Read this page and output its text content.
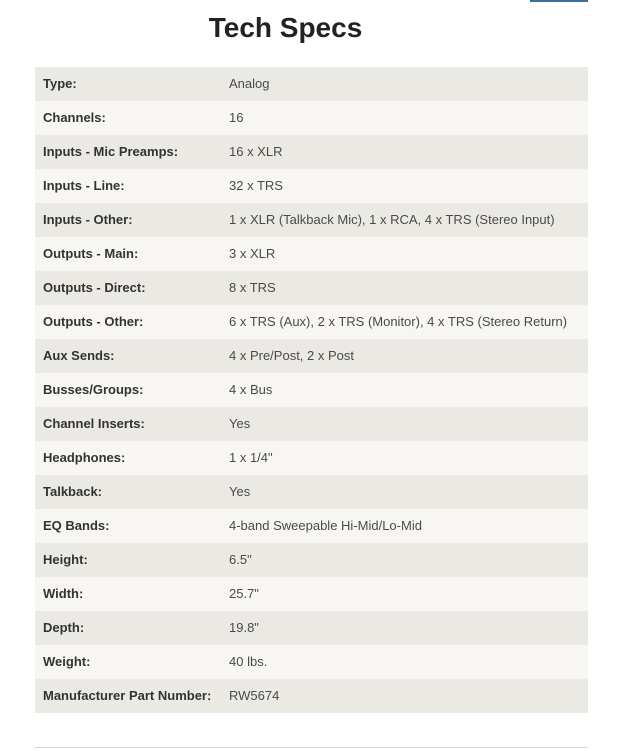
Tech Specs
Type:	Analog
Channels:	16
Inputs - Mic Preamps:	16 x XLR
Inputs - Line:	32 x TRS
Inputs - Other:	1 x XLR (Talkback Mic), 1 x RCA, 4 x TRS (Stereo Input)
Outputs - Main:	3 x XLR
Outputs - Direct:	8 x TRS
Outputs - Other:	6 x TRS (Aux), 2 x TRS (Monitor), 4 x TRS (Stereo Return)
Aux Sends:	4 x Pre/Post, 2 x Post
Busses/Groups:	4 x Bus
Channel Inserts:	Yes
Headphones:	1 x 1/4"
Talkback:	Yes
EQ Bands:	4-band Sweepable Hi-Mid/Lo-Mid
Height:	6.5"
Width:	25.7"
Depth:	19.8"
Weight:	40 lbs.
Manufacturer Part Number:	RW5674
